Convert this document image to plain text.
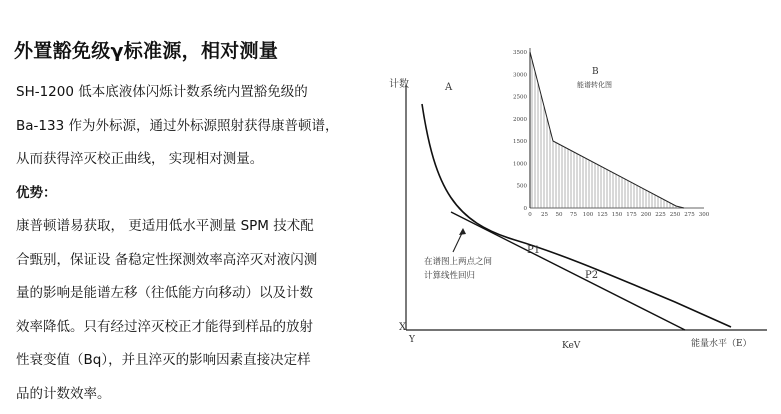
外置豁免级γ标准源，相对测量
SH-1200 低本底液体闪烁计数系统内置豁免级的
Ba-133 作为外标源，通过外标源照射获得康普顿谱，
从而获得淬灭校正曲线， 实现相对测量。
优势：
康普顿谱易获取， 更适用低水平测量 SPM 技术配
合甄别，保证设 备稳定性探测效率高淬灭对液闪测
量的影响是能谱左移（往低能方向移动）以及计数
效率降低。只有经过淬灭校正才能得到样品的放射
性衰变值（Bq），并且淬灭的影响因素直接决定样
品的计数效率。
计数
X
Y
KeV	能量水平（E）
A
P1
P2
在谱图上两点之间
计算线性回归
0
500
1000
1500
2000
2500
3000
3500
0 25 50 75 100 125 150 175 200 225 250 275 300
B
能谱转化图
